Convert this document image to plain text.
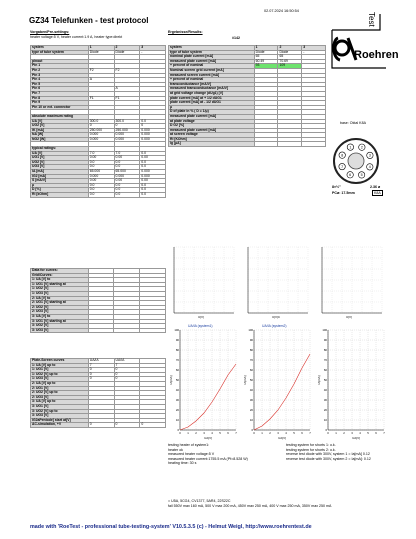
02.07.2024 16:50:54
GZ34 Telefunken - test protocol
Vorgaben/Pre-settings:
heater voltage:5 V, heater current:1.9 A, heater type:direkt
Ergebnisse/Results:
#142
Test
Roehren
system	1	2	3
type of tube system	Diode	Diode	-

pinout			
Pin 1			
Pin 2	F2	F2	
Pin 3			
Pin 4	A		
Pin 5			
Pin 6		A	
Pin 7			
Pin 8	F1	F1	
Pin 9			
Pin 10 or ext. connector			

absolute maximum rating			
UA [V]	300.0	300.0	0.0
UG2 [V]	0	0	0
IK [mA]	250.000	250.000	0.000
NA [W]	0.000	0.000	0.000
NG2 [W]	0.000	0.000	0.000

typical ratings:			
UA [V]	7.0	7.0	0.0
UG1 [V]	0.00	0.00	0.00
UG2 [V]	0.0	0.0	0.0
UG3 [V]	0.0	0.0	0.0
IA [mA]	65.000	65.000	0.000
IG2 [mA]	0.000	0.000	0.000
S [mA/V]	0.00	0.00	0.00
μ	0.0	0.0	0.0
D [%]	0.0	0.0	0.0
Ri [kOhm]	0.0	0.0	0.0
Data for curves:			
Grid/Curves:			
1: UA [V] to			
1: UG1 [V] starting at			
1: UG2 [V]			
1: UG3 [V]			
2: UA [V] to			
2: UG1 [V] starting at			
2: UG2 [V]			
2: UG3 [V]			
3: UA [V] to			
3: UG1 [V] starting at			
3: UG2 [V]			
3: UG3 [V]			
Plate-Screen curves	UA/IA	UA/IA	
1: UA [V] up to	7	7	
1: UG1 [V]	0	0	
1: UG2 [V] up to	0	0	
1: UG3 [V]	0	0	
2: UA [V] up to			
2: UG1 [V]			
2: UG2 [V] up to			
2: UG3 [V]			
3: UA [V] up to			
3: UG1 [V]			
3: UG2 [V] up to			
3: UG3 [V]			
IG2aPentode] start at[V]			
AC-simulation, +V	0	0	0
system	1	2	3
type of tube system	Diode	Diode	-
nominal plate current [mA]	65	65	
measured plate current [mA]	60.49	70.69	
+ percent of nominal	93	109	
Nominal screen grid current [mA]			
measured screen current [mA]			
+ percent of nominal			
transconductance [mA/V]			
measured transconductance [mA/V]			
at grid voltage change (dUg1) [V]			
plate current [mA] at + 1/2 dUG1			
plate current [mA] at - 1/2 dUG1			
μ			
D of plate in % ( D = 1/μ)			
measured plate current [mA]			
at plate voltage			
D G2 [%]			
measured plate current [mA]			
at screen voltage			
Ri [KOhm]			
Ig [μA]			
base: Oktal K8A
1	2
3
4
5
6
7
8
8×½"	2.36 ø
PCø: 17.5mm	K8A
U[V]	U[V]C	U[V]
UA/IA (system1)
0 1 2 3 4 5 6 7
0
10
20
30
40
50
60
70
80
90
100
UA[V]
IA[mA]
UA/IA (system2)
0 1 2 3 4 5 6 7
0
10
20
30
40
50
60
70
80
90
100
UA[V]
IA[mA]
0 1 2 3 4 5 6 7
0
10
20
30
40
50
60
70
80
90
100
UA[V]
IA[mA]
testing heater of system1:
heater ok
measured heater voltage:5 V
measured heater current:1755.5 mA (Pf=8.528 W)
heating time: 30 s
testing system for shorts 1: o.k.
testing system for shorts 2: o.k.
reverse test diode with 300V, system 1 = Ia[mA] 0.12
reverse test diode with 300V, system 2 = Ia[mA]: 0.12
= U5A, 5CG4, CV1377, 5AR4, 22S22C
fail 550V max 160 mA, 500 V max 200 mA, 450V max 250 mA, 400 V max 250 mA, 350V max 250 mA
made with 'RoeTest - professional tube-testing-system' V10.5.3.5 (c) - Helmut Weigl, http://www.roehrentest.de
